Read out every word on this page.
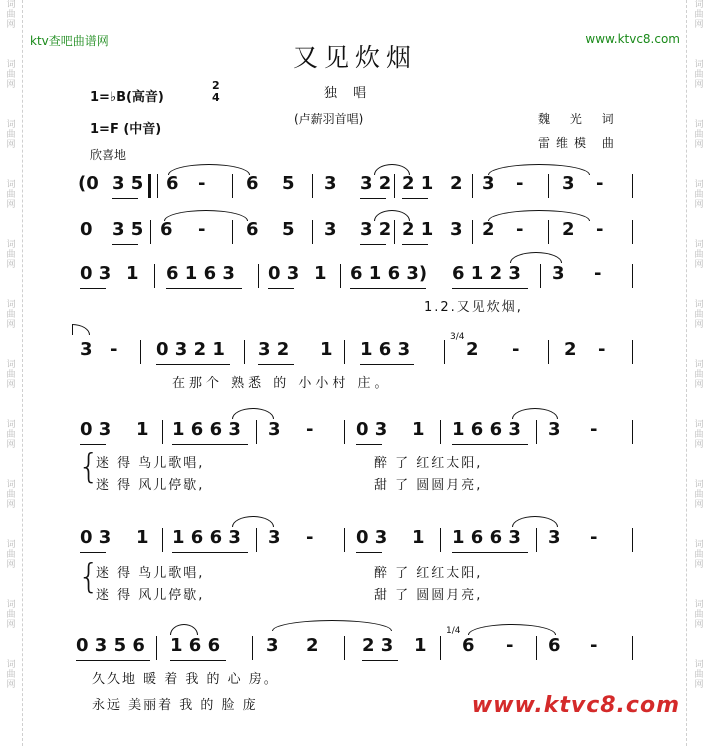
词
曲
网

词
曲
网

词
曲
网

词
曲
网

词
曲
网

词
曲
网

词
曲
网

词
曲
网

词
曲
网

词
曲
网

词
曲
网

词
曲
网
词
曲
网

词
曲
网

词
曲
网

词
曲
网

词
曲
网

词
曲
网

词
曲
网

词
曲
网

词
曲
网

词
曲
网

词
曲
网

词
曲
网
ktv查吧曲谱网	www.ktvc8.com
又见炊烟
独 唱
(卢薪羽首唱)
1=♭B(高音)
2
4
1=F (中音)
魏 光 词
雷维模 曲
欣喜地
(0 3 5 6 - 6 5 3 3 2 2 1 2 3 - 3 -
0 3 5 6 - 6 5 3 3 2 2 1 3 2 - 2 -
0 3 1 6 1 6 3 0 3 1 6 1 6 3) 6 1 2 3 3 -
1.2.又见炊烟,
3 - 0 3 2 1 3 2 1 1 6 3
3/4
2 - 2 -
在那个 熟悉 的 小小村 庄。
0 3 1 1 6 6 3 3 - 0 3 1 1 6 6 3 3 -
{
迷 得 鸟儿歌唱,	醉 了 红红太阳,
迷 得 风儿停歇,	甜 了 圆圆月亮,
0 3 1 1 6 6 3 3 - 0 3 1 1 6 6 3 3 -
{
迷 得 鸟儿歌唱,	醉 了 红红太阳,
迷 得 风儿停歇,	甜 了 圆圆月亮,
0 3 5 6 1 6 6	3 2 2 3 1
1/4
6 - 6 -
久久地 暖 着 我 的 心 房。
永远 美丽着 我 的 脸 庞	www.ktvc8.com
